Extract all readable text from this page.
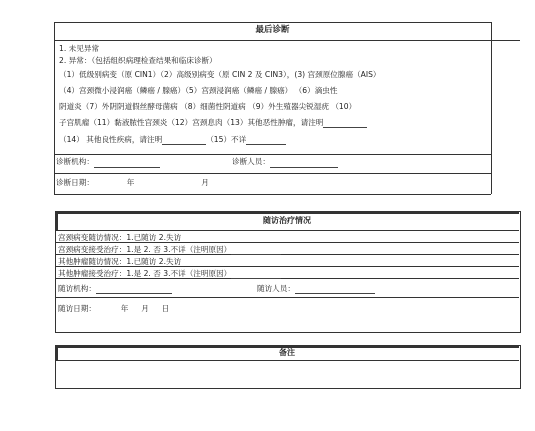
最后诊断
1. 未见异常
2. 异常：（包括组织病理检查结果和临床诊断）
（1）低级别病变（原 CIN1）（2）高级别病变（原 CIN 2 及 CIN3），(3) 宫颈原位腺癌（AIS）
（4）宫颈微小浸润癌（鳞癌 / 腺癌）（5）宫颈浸润癌（鳞癌 / 腺癌） （6）滴虫性
阴道炎（7）外阴阴道假丝酵母菌病 （8）细菌性阴道病 （9）外生殖器尖锐湿疣 （10）
子宫肌瘤（11）黏液脓性宫颈炎（12）宫颈息肉（13）其他恶性肿瘤，请注明
（14） 其他良性疾病，请注明	（15）不详
诊断机构：	诊断人员：
诊断日期：	年	月
随访治疗情况
宫颈病变随访情况：1.已随访 2.失访
宫颈病变接受治疗：1.是 2. 否 3.不详（注明原因）
其他肿瘤随访情况：1.已随访 2.失访
其他肿瘤接受治疗：1.是 2. 否 3.不详（注明原因）
随访机构：	随访人员：
随访日期：	年 月 日
备注
